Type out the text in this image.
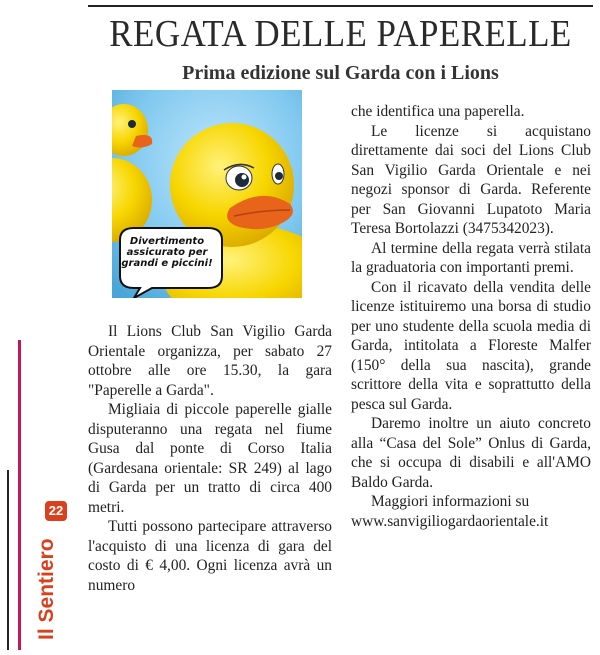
REGATA DELLE PAPERELLE
Prima edizione sul Garda con i Lions
22
Il Sentiero
Divertimento assicurato per grandi e piccini!

Il Lions Club San Vigilio Garda Orientale organizza, per sabato 27 ottobre alle ore 15.30, la gara "Paperelle a Garda".

Migliaia di piccole paperelle gialle disputeranno una regata nel fiume Gusa dal ponte di Corso Italia (Gardesana orientale: SR 249) al lago di Garda per un tratto di circa 400 metri.

Tutti possono partecipare attraverso l'acquisto di una licenza di gara del costo di € 4,00. Ogni licenza avrà un numero

che identifica una paperella.

Le licenze si acquistano direttamente dai soci del Lions Club San Vigilio Garda Orientale e nei negozi sponsor di Garda. Referente per San Giovanni Lupatoto Maria Teresa Bortolazzi (3475342023).

Al termine della regata verrà stilata la graduatoria con importanti premi.

Con il ricavato della vendita delle licenze istituiremo una borsa di studio per uno studente della scuola media di Garda, intitolata a Floreste Malfer (150° della sua nascita), grande scrittore della vita e soprattutto della pesca sul Garda.

Daremo inoltre un aiuto concreto alla “Casa del Sole” Onlus di Garda, che si occupa di disabili e all'AMO Baldo Garda.

Maggiori informazioni su

www.sanvigiliogardaorientale.it
